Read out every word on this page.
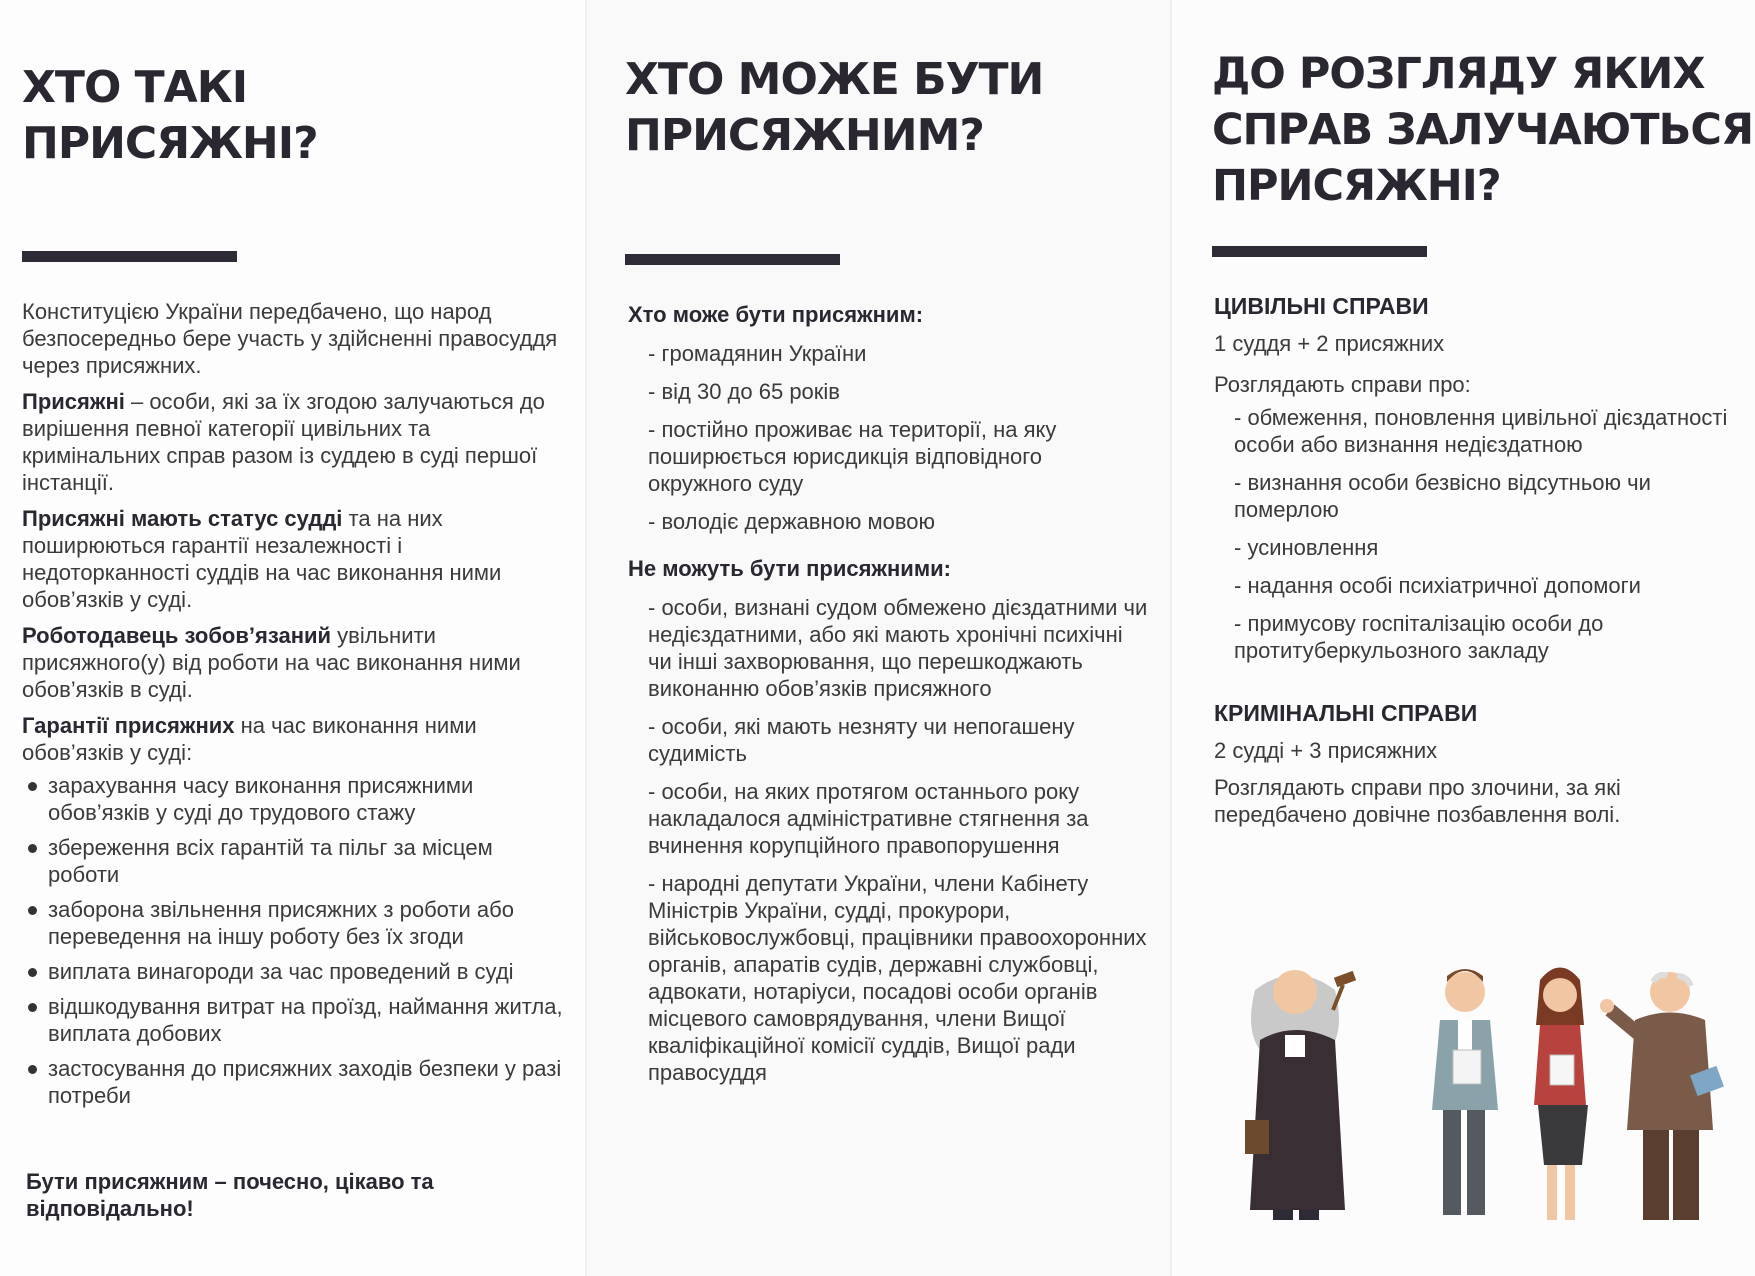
ХТО ТАКІ
ПРИСЯЖНІ?

Конституцією України передбачено, що народ безпосередньо бере участь у здійсненні правосуддя через присяжних.

Присяжні – особи, які за їх згодою залучаються до вирішення певної категорії цивільних та кримінальних справ разом із суддею в суді першої інстанції.

Присяжні мають статус судді та на них поширюються гарантії незалежності і недоторканності суддів на час виконання ними обов’язків у суді.

Роботодавець зобов’язаний увільнити присяжного(у) від роботи на час виконання ними обов’язків в суді.

Гарантії присяжних на час виконання ними обов’язків у суді:

зарахування часу виконання присяжними обов’язків у суді до трудового стажу
збереження всіх гарантій та пільг за місцем роботи
заборона звільнення присяжних з роботи або переведення на іншу роботу без їх згоди
виплата винагороди за час проведений в суді
відшкодування витрат на проїзд, наймання житла, виплата добових
застосування до присяжних заходів безпеки у разі потреби
Бути присяжним – почесно, цікаво та відповідально!
ХТО МОЖЕ БУТИ
ПРИСЯЖНИМ?
Хто може бути присяжним:
- громадянин України
- від 30 до 65 років
- постійно проживає на території, на яку поширюється юрисдикція відповідного окружного суду
- володіє державною мовою
Не можуть бути присяжними:
- особи, визнані судом обмежено дієздатними чи недієздатними, або які мають хронічні психічні чи інші захворювання, що перешкоджають виконанню обов’язків присяжного
- особи, які мають незняту чи непогашену судимість
- особи, на яких протягом останнього року накладалося адміністративне стягнення за вчинення корупційного правопорушення
- народні депутати України, члени Кабінету Міністрів України, судді, прокурори, військовослужбовці, працівники правоохоронних органів, апаратів судів, державні службовці, адвокати, нотаріуси, посадові особи органів місцевого самоврядування, члени Вищої кваліфікаційної комісії суддів, Вищої ради правосуддя
ДО РОЗГЛЯДУ ЯКИХ
СПРАВ ЗАЛУЧАЮТЬСЯ
ПРИСЯЖНІ?
ЦИВІЛЬНІ СПРАВИ
1 суддя + 2 присяжних
Розглядають справи про:
- обмеження, поновлення цивільної дієздатності особи або визнання недієздатною
- визнання особи безвісно відсутньою чи померлою
- усиновлення
- надання особі психіатричної допомоги
- примусову госпіталізацію особи до протитуберкульозного закладу
КРИМІНАЛЬНІ СПРАВИ
2 судді + 3 присяжних
Розглядають справи про злочини, за які передбачено довічне позбавлення волі.
